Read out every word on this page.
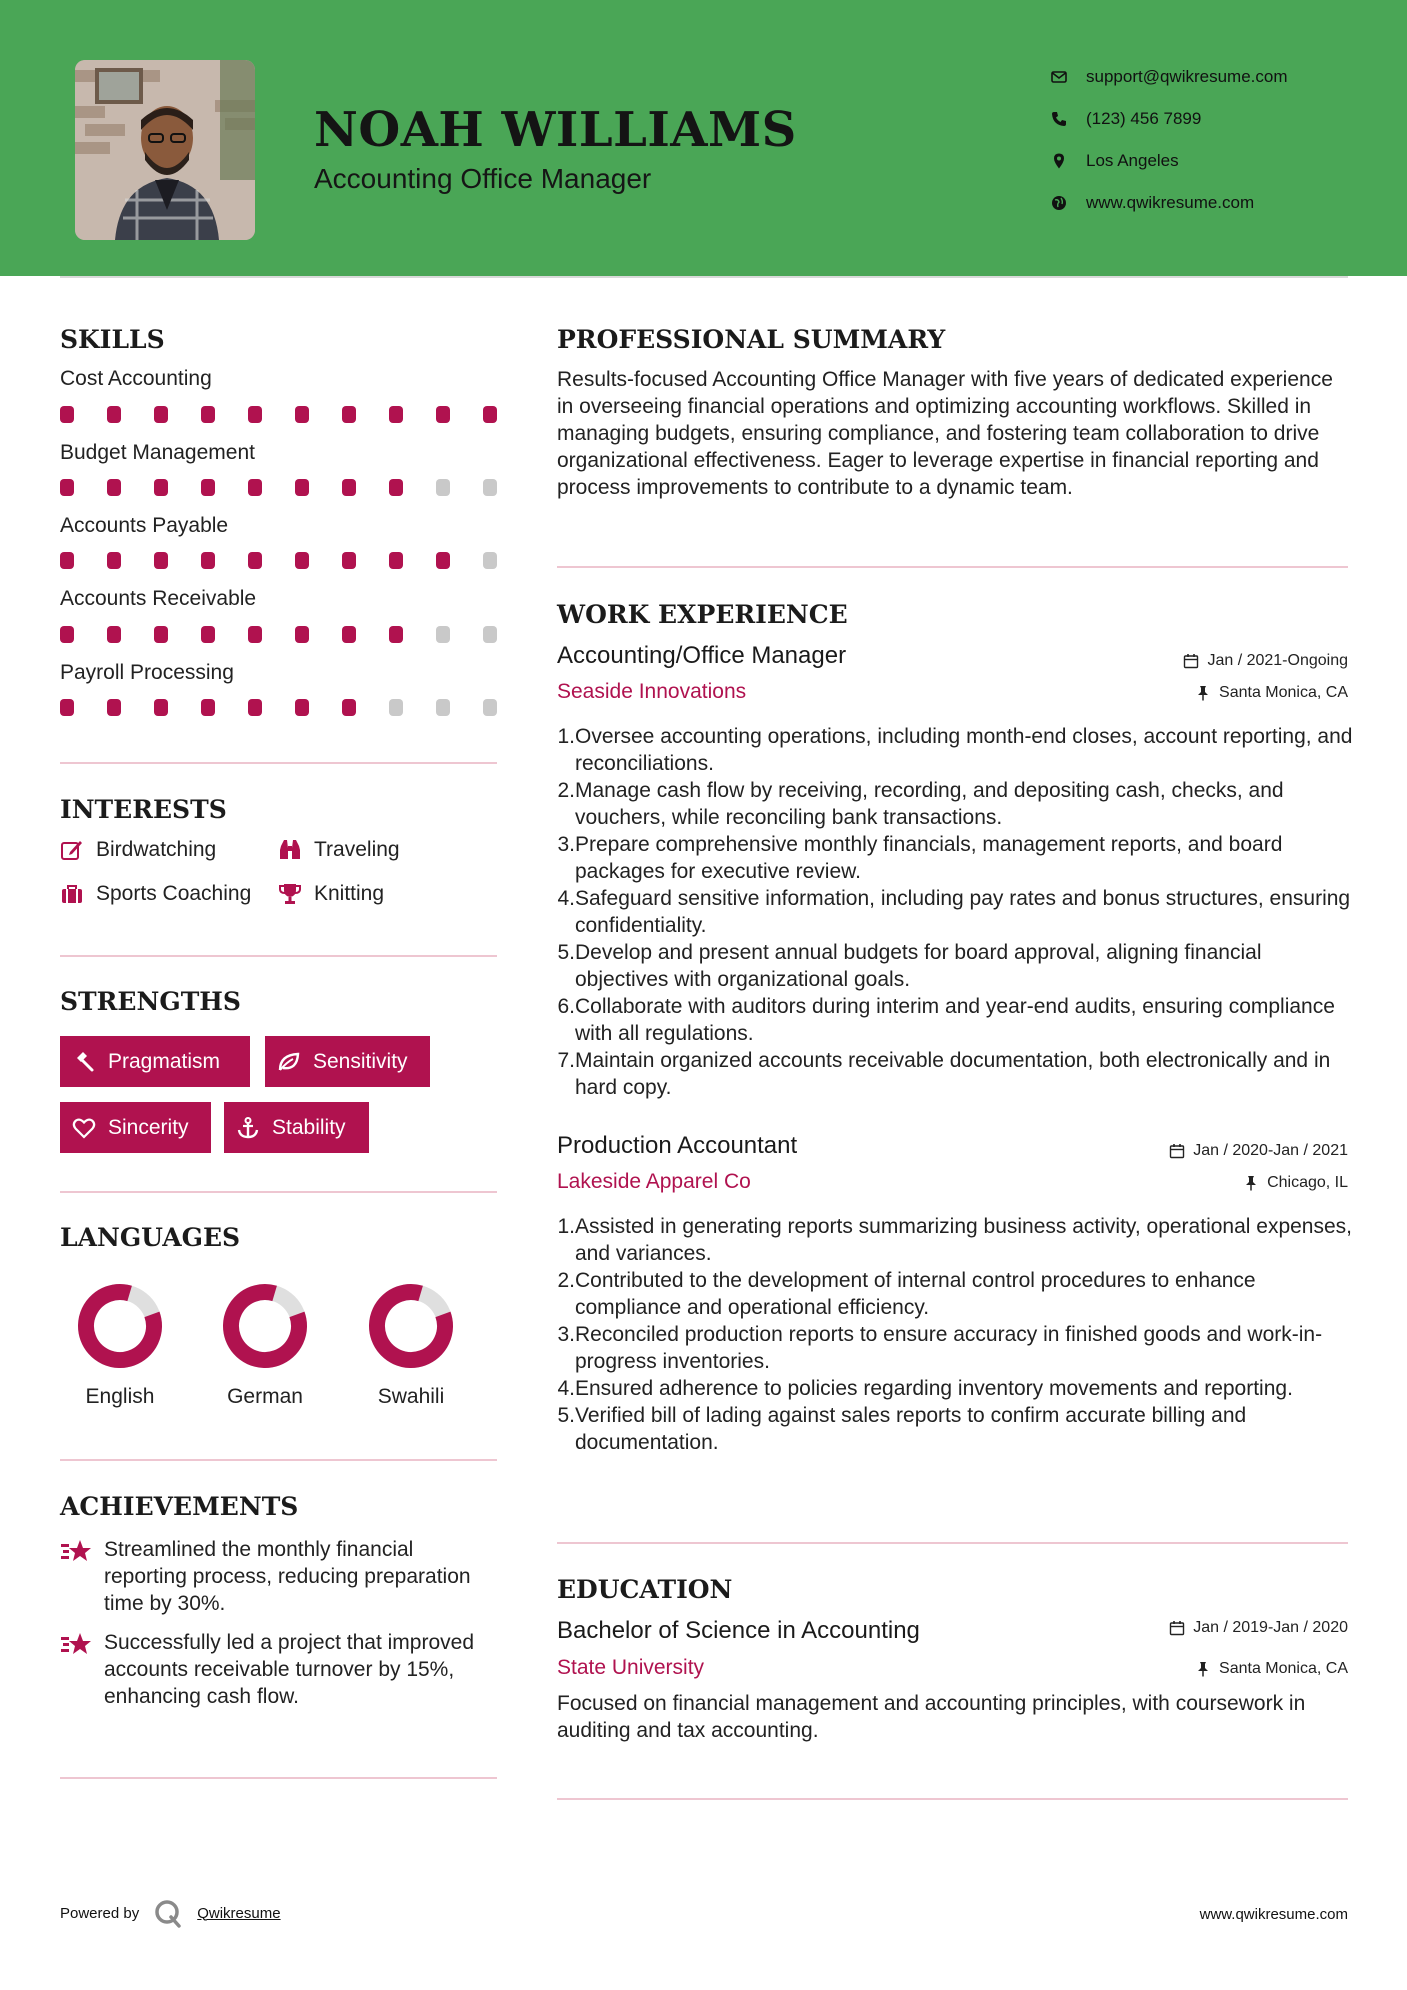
NOAH WILLIAMS
Accounting Office Manager
support@qwikresume.com
(123) 456 7899
Los Angeles
www.qwikresume.com
SKILLS
Cost Accounting
Budget Management
Accounts Payable
Accounts Receivable
Payroll Processing
INTERESTS
Birdwatching	Traveling
Sports Coaching	Knitting
STRENGTHS
Pragmatism	Sensitivity
Sincerity	Stability
LANGUAGES
English	German	Swahili
ACHIEVEMENTS

Streamlined the monthly financial reporting process, reducing preparation time by 30%.

Successfully led a project that improved accounts receivable turnover by 15%, enhancing cash flow.

PROFESSIONAL SUMMARY
Results-focused Accounting Office Manager with five years of dedicated experience in overseeing financial operations and optimizing accounting workflows. Skilled in managing budgets, ensuring compliance, and fostering team collaboration to drive organizational effectiveness. Eager to leverage expertise in financial reporting and process improvements to contribute to a dynamic team.
WORK EXPERIENCE
Accounting/Office Manager	Jan / 2021-Ongoing
Seaside Innovations	Santa Monica, CA
1. Oversee accounting operations, including month-end closes, account reporting, and reconciliations.
2. Manage cash flow by receiving, recording, and depositing cash, checks, and vouchers, while reconciling bank transactions.
3. Prepare comprehensive monthly financials, management reports, and board packages for executive review.
4. Safeguard sensitive information, including pay rates and bonus structures, ensuring confidentiality.
5. Develop and present annual budgets for board approval, aligning financial objectives with organizational goals.
6. Collaborate with auditors during interim and year-end audits, ensuring compliance with all regulations.
7. Maintain organized accounts receivable documentation, both electronically and in hard copy.
Production Accountant	Jan / 2020-Jan / 2021
Lakeside Apparel Co	Chicago, IL
1. Assisted in generating reports summarizing business activity, operational expenses, and variances.
2. Contributed to the development of internal control procedures to enhance compliance and operational efficiency.
3. Reconciled production reports to ensure accuracy in finished goods and work-in-progress inventories.
4. Ensured adherence to policies regarding inventory movements and reporting.
5. Verified bill of lading against sales reports to confirm accurate billing and documentation.
EDUCATION
Bachelor of Science in Accounting	Jan / 2019-Jan / 2020
State University	Santa Monica, CA
Focused on financial management and accounting principles, with coursework in auditing and tax accounting.
Powered by	Qwikresume	www.qwikresume.com
